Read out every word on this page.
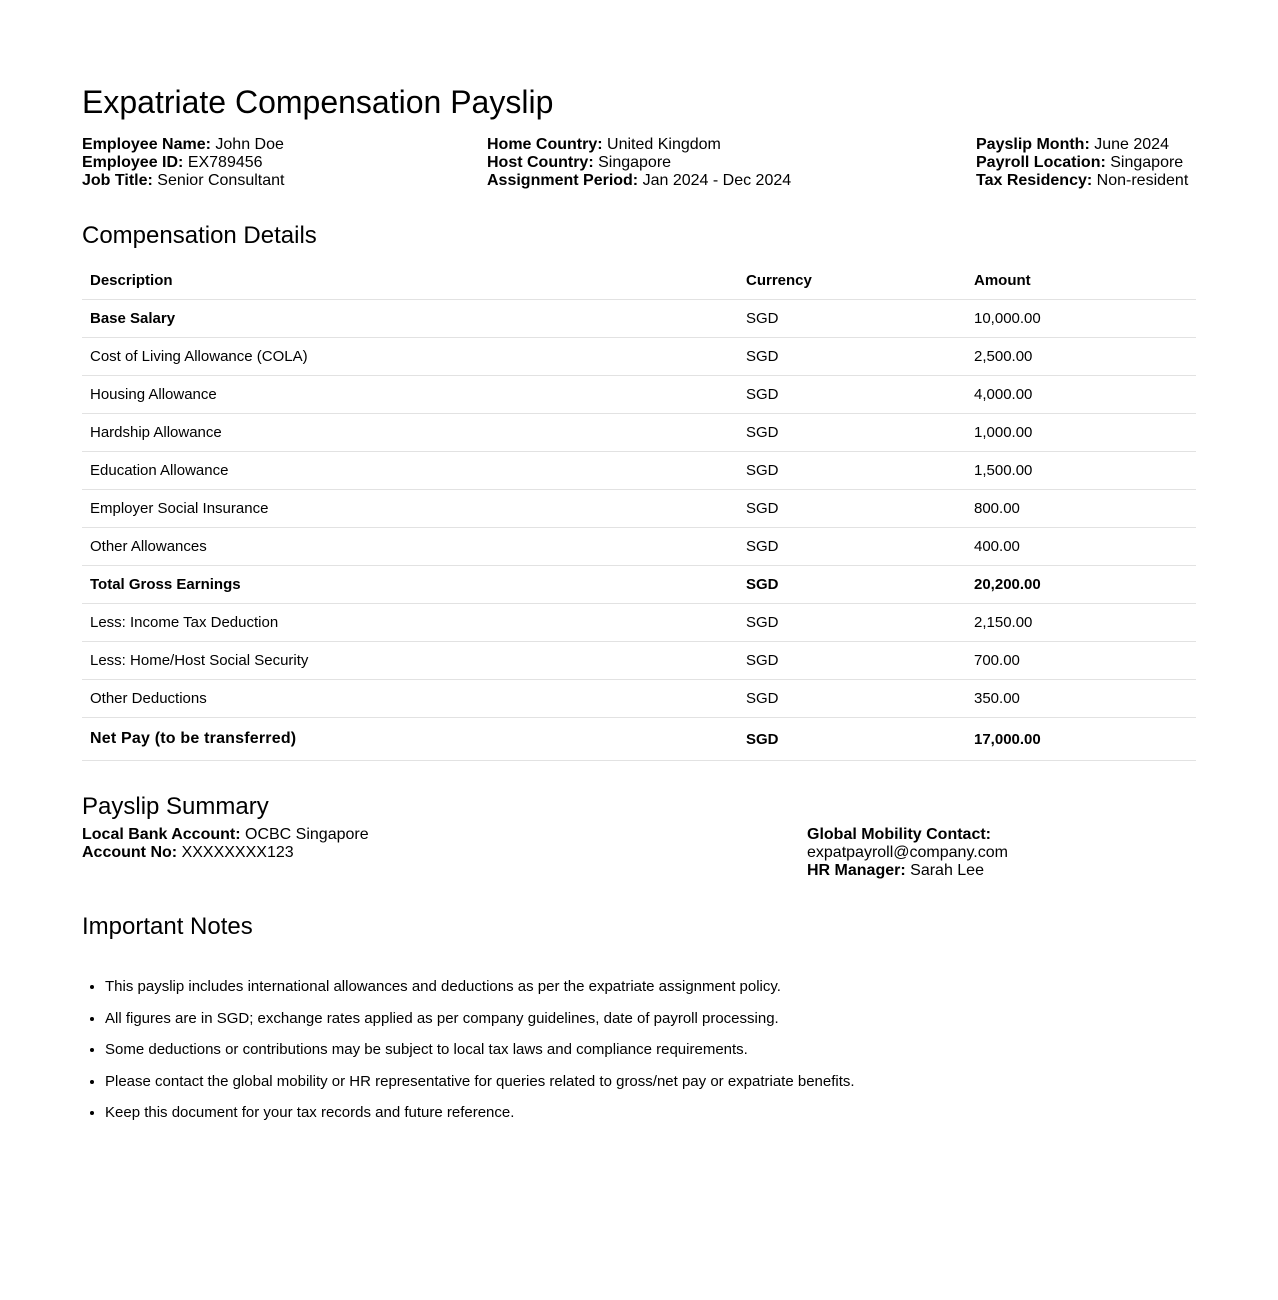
Expatriate Compensation Payslip
Employee Name: John Doe
Employee ID: EX789456
Job Title: Senior Consultant
Home Country: United Kingdom
Host Country: Singapore
Assignment Period: Jan 2024 - Dec 2024
Payslip Month: June 2024
Payroll Location: Singapore
Tax Residency: Non-resident
Compensation Details
Description	Currency	Amount
Base Salary	SGD	10,000.00
Cost of Living Allowance (COLA)	SGD	2,500.00
Housing Allowance	SGD	4,000.00
Hardship Allowance	SGD	1,000.00
Education Allowance	SGD	1,500.00
Employer Social Insurance	SGD	800.00
Other Allowances	SGD	400.00
Total Gross Earnings	SGD	20,200.00
Less: Income Tax Deduction	SGD	2,150.00
Less: Home/Host Social Security	SGD	700.00
Other Deductions	SGD	350.00
Net Pay (to be transferred)	SGD	17,000.00
Payslip Summary
Local Bank Account: OCBC Singapore
Account No: XXXXXXXX123
Global Mobility Contact: expatpayroll@company.com
HR Manager: Sarah Lee
Important Notes
• This payslip includes international allowances and deductions as per the expatriate assignment policy.
• All figures are in SGD; exchange rates applied as per company guidelines, date of payroll processing.
• Some deductions or contributions may be subject to local tax laws and compliance requirements.
• Please contact the global mobility or HR representative for queries related to gross/net pay or expatriate benefits.
• Keep this document for your tax records and future reference.
